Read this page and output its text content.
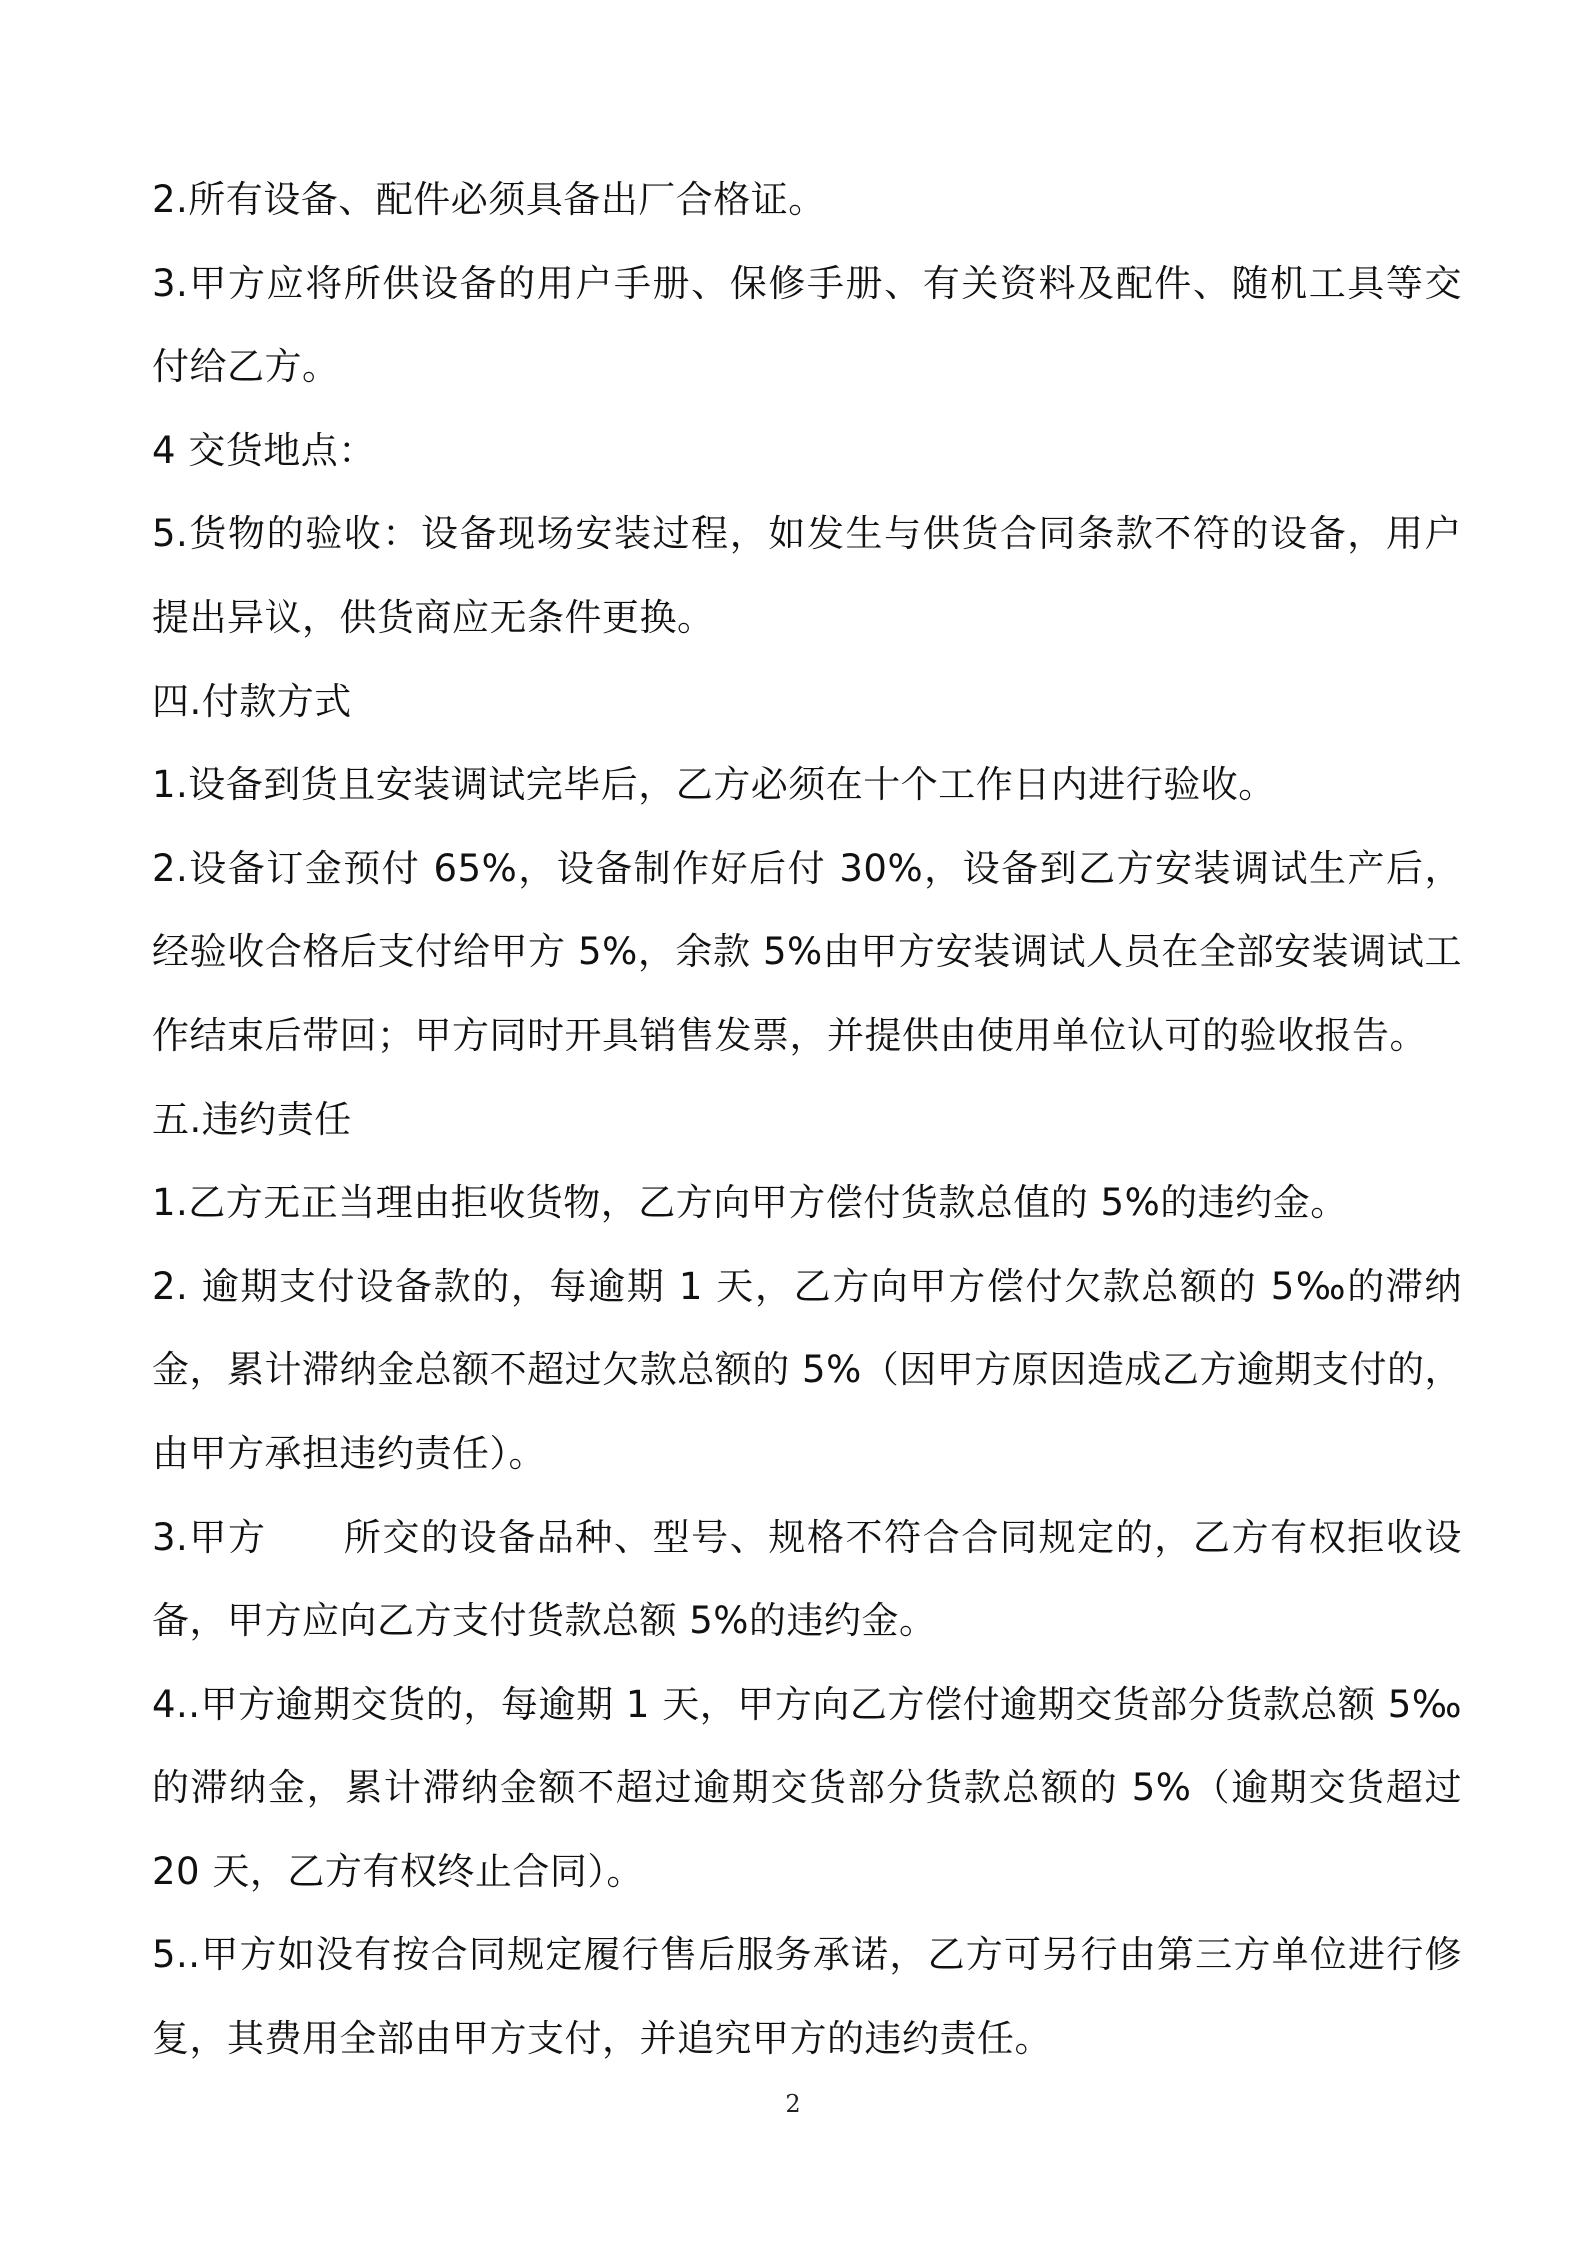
2.所有设备、配件必须具备出厂合格证。

3.甲方应将所供设备的用户手册、保修手册、有关资料及配件、随机工具等交付给乙方。

4 交货地点：

5.货物的验收：设备现场安装过程，如发生与供货合同条款不符的设备，用户提出异议，供货商应无条件更换。

四.付款方式

1.设备到货且安装调试完毕后，乙方必须在十个工作日内进行验收。

2.设备订金预付 65%，设备制作好后付 30%，设备到乙方安装调试生产后，经验收合格后支付给甲方 5%，余款 5%由甲方安装调试人员在全部安装调试工作结束后带回；甲方同时开具销售发票，并提供由使用单位认可的验收报告。

五.违约责任

1.乙方无正当理由拒收货物，乙方向甲方偿付货款总值的 5%的违约金。

2. 逾期支付设备款的，每逾期 1 天，乙方向甲方偿付欠款总额的 5‰的滞纳金，累计滞纳金总额不超过欠款总额的 5%（因甲方原因造成乙方逾期支付的，由甲方承担违约责任）。

3.甲方　　所交的设备品种、型号、规格不符合合同规定的，乙方有权拒收设备，甲方应向乙方支付货款总额 5%的违约金。

4..甲方逾期交货的，每逾期 1 天，甲方向乙方偿付逾期交货部分货款总额 5‰的滞纳金，累计滞纳金额不超过逾期交货部分货款总额的 5%（逾期交货超过 20 天，乙方有权终止合同）。

5..甲方如没有按合同规定履行售后服务承诺，乙方可另行由第三方单位进行修复，其费用全部由甲方支付，并追究甲方的违约责任。

2
